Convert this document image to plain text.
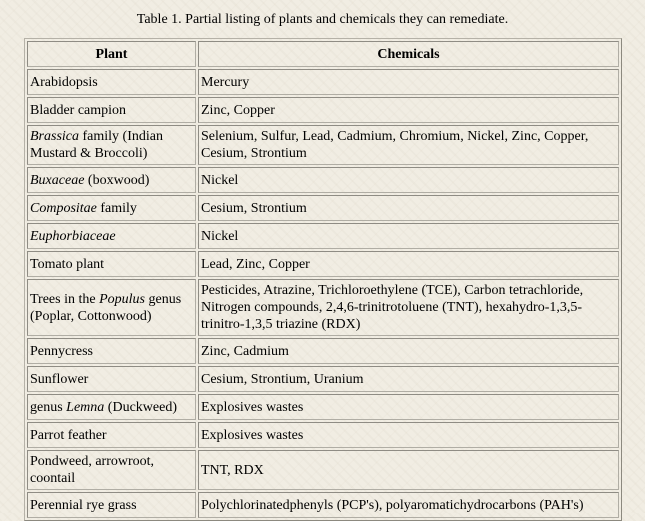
Table 1. Partial listing of plants and chemicals they can remediate.
Plant	Chemicals
Arabidopsis	Mercury
Bladder campion	Zinc, Copper
Brassica family (Indian Mustard & Broccoli)	Selenium, Sulfur, Lead, Cadmium, Chromium, Nickel, Zinc, Copper, Cesium, Strontium
Buxaceae (boxwood)	Nickel
Compositae family	Cesium, Strontium
Euphorbiaceae	Nickel
Tomato plant	Lead, Zinc, Copper
Trees in the Populus genus (Poplar, Cottonwood)	Pesticides, Atrazine, Trichloroethylene (TCE), Carbon tetrachloride, Nitrogen compounds, 2,4,6-trinitrotoluene (TNT), hexahydro-1,3,5-trinitro-1,3,5 triazine (RDX)
Pennycress	Zinc, Cadmium
Sunflower	Cesium, Strontium, Uranium
genus Lemna (Duckweed)	Explosives wastes
Parrot feather	Explosives wastes
Pondweed, arrowroot, coontail	TNT, RDX
Perennial rye grass	Polychlorinatedphenyls (PCP's), polyaromatichydrocarbons (PAH's)
